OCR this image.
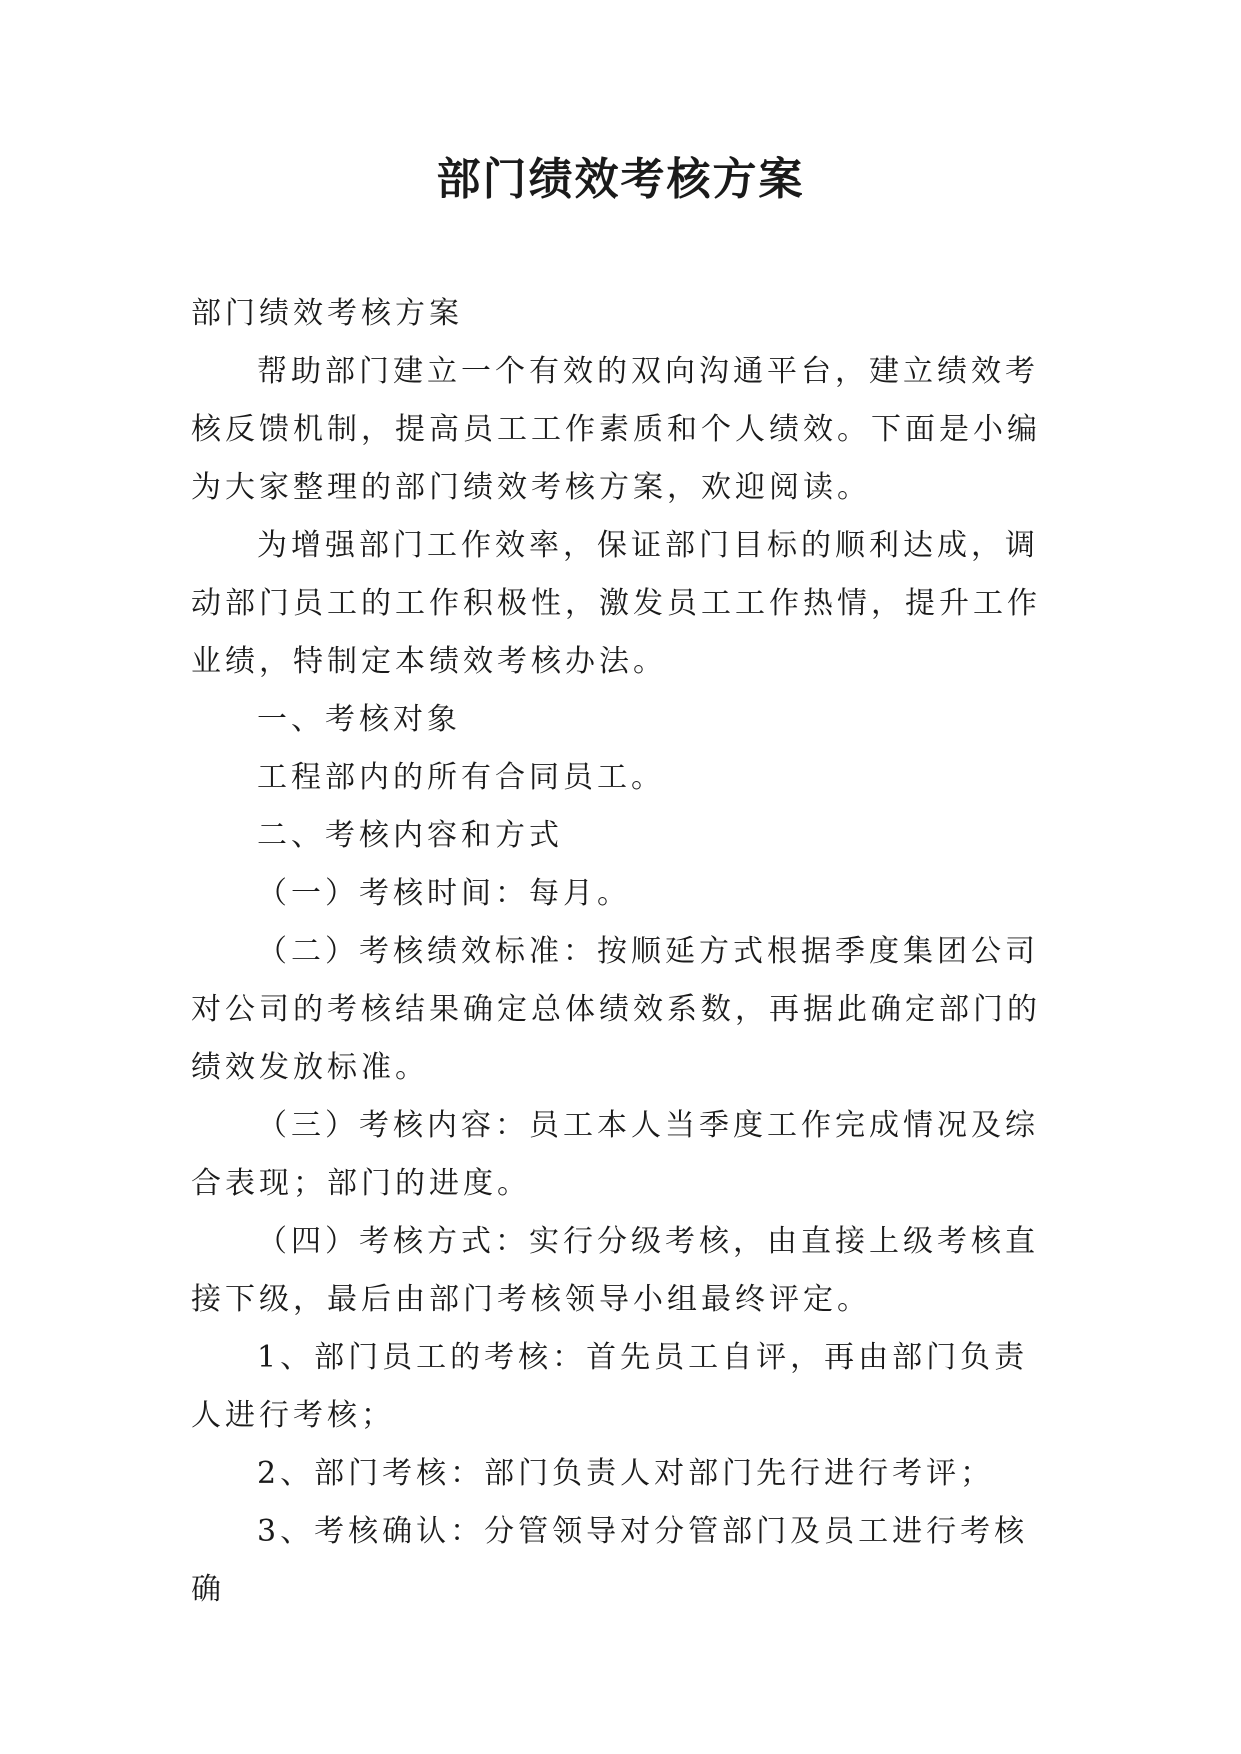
部门绩效考核方案

部门绩效考核方案

帮助部门建立一个有效的双向沟通平台，建立绩效考核反馈机制，提高员工工作素质和个人绩效。下面是小编为大家整理的部门绩效考核方案，欢迎阅读。

为增强部门工作效率，保证部门目标的顺利达成，调动部门员工的工作积极性，激发员工工作热情，提升工作业绩，特制定本绩效考核办法。

一、考核对象

工程部内的所有合同员工。

二、考核内容和方式

（一）考核时间：每月。

（二）考核绩效标准：按顺延方式根据季度集团公司对公司的考核结果确定总体绩效系数，再据此确定部门的绩效发放标准。

（三）考核内容：员工本人当季度工作完成情况及综合表现；部门的进度。

（四）考核方式：实行分级考核，由直接上级考核直接下级，最后由部门考核领导小组最终评定。

1、部门员工的考核：首先员工自评，再由部门负责人进行考核；

2、部门考核：部门负责人对部门先行进行考评；

3、考核确认：分管领导对分管部门及员工进行考核确
